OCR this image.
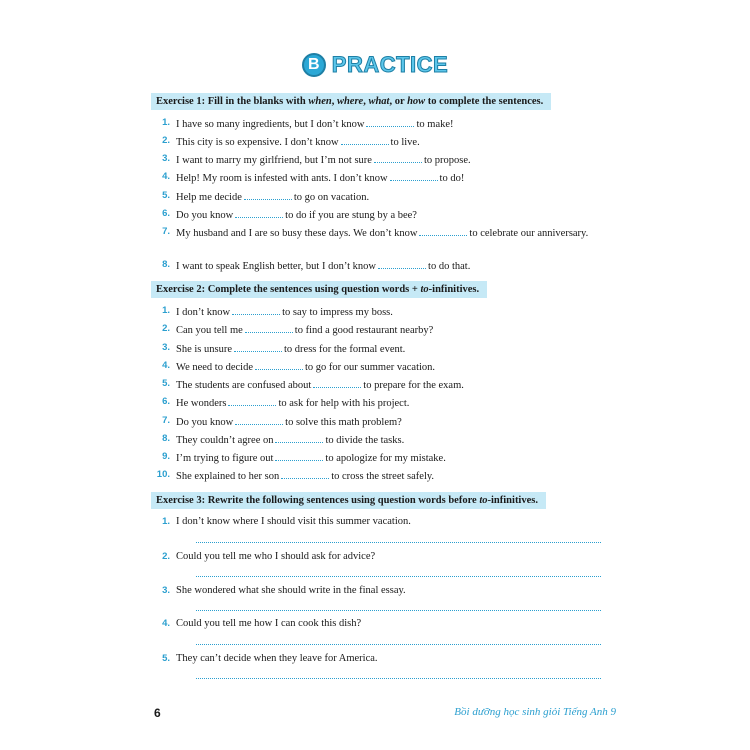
B PRACTICE
Exercise 1: Fill in the blanks with when, where, what, or how to complete the sentences.
1. I have so many ingredients, but I don’t know	to make!
2. This city is so expensive. I don’t know	to live.
3. I want to marry my girlfriend, but I’m not sure	to propose.
4. Help! My room is infested with ants. I don’t know	to do!
5. Help me decide	to go on vacation.
6. Do you know	to do if you are stung by a bee?
7. My husband and I are so busy these days. We don’t know	to celebrate our anniversary.
8. I want to speak English better, but I don’t know	to do that.
Exercise 2: Complete the sentences using question words + to-infinitives.
1. I don’t know	to say to impress my boss.
2. Can you tell me	to find a good restaurant nearby?
3. She is unsure	to dress for the formal event.
4. We need to decide	to go for our summer vacation.
5. The students are confused about	to prepare for the exam.
6. He wonders	to ask for help with his project.
7. Do you know	to solve this math problem?
8. They couldn’t agree on	to divide the tasks.
9. I’m trying to figure out	to apologize for my mistake.
10. She explained to her son	to cross the street safely.
Exercise 3: Rewrite the following sentences using question words before to-infinitives.
1. I don’t know where I should visit this summer vacation.
2. Could you tell me who I should ask for advice?
3. She wondered what she should write in the final essay.
4. Could you tell me how I can cook this dish?
5. They can’t decide when they leave for America.
6	Bồi dưỡng học sinh giỏi Tiếng Anh 9
